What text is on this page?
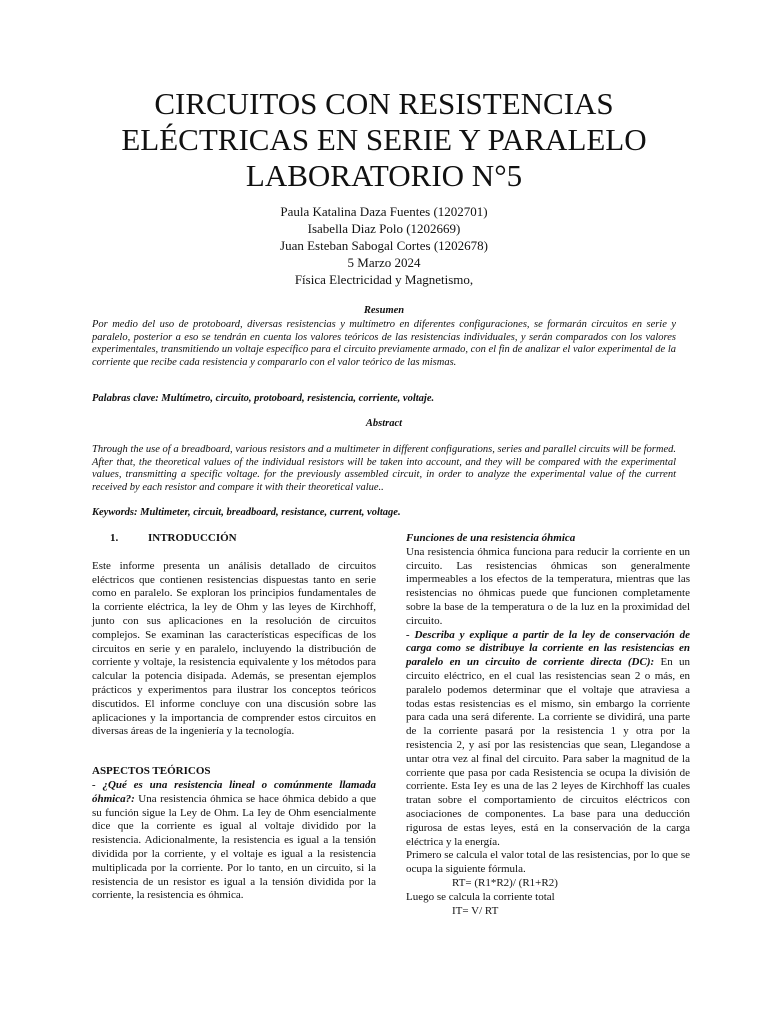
CIRCUITOS CON RESISTENCIAS
ELÉCTRICAS EN SERIE Y PARALELO
LABORATORIO N°5
Paula Katalina Daza Fuentes (1202701)
Isabella Diaz Polo (1202669)
Juan Esteban Sabogal Cortes (1202678)
5 Marzo 2024
Física Electricidad y Magnetismo,
Resumen
Por medio del uso de protoboard, diversas resistencias y multímetro en diferentes configuraciones, se formarán circuitos en serie y paralelo, posterior a eso se tendrán en cuenta los valores teóricos de las resistencias individuales, y serán comparados con los valores experimentales, transmitiendo un voltaje específico para el circuito previamente armado, con el fin de analizar el valor experimental de la corriente que recibe cada resistencia y compararlo con el valor teórico de las mismas.
Palabras clave: Multímetro, circuito, protoboard, resistencia, corriente, voltaje.
Abstract
Through the use of a breadboard, various resistors and a multimeter in different configurations, series and parallel circuits will be formed. After that, the theoretical values of the individual resistors will be taken into account, and they will be compared with the experimental values, transmitting a specific voltage. for the previously assembled circuit, in order to analyze the experimental value of the current received by each resistor and compare it with their theoretical value..
Keywords: Multimeter, circuit, breadboard, resistance, current, voltage.
1.	INTRODUCCIÓN

Este informe presenta un análisis detallado de circuitos eléctricos que contienen resistencias dispuestas tanto en serie como en paralelo. Se exploran los principios fundamentales de la corriente eléctrica, la ley de Ohm y las leyes de Kirchhoff, junto con sus aplicaciones en la resolución de circuitos complejos. Se examinan las características específicas de los circuitos en serie y en paralelo, incluyendo la distribución de corriente y voltaje, la resistencia equivalente y los métodos para calcular la potencia disipada. Además, se presentan ejemplos prácticos y experimentos para ilustrar los conceptos teóricos discutidos. El informe concluye con una discusión sobre las aplicaciones y la importancia de comprender estos circuitos en diversas áreas de la ingeniería y la tecnología.

ASPECTOS TEÓRICOS

- ¿Qué es una resistencia lineal o comúnmente llamada óhmica?: Una resistencia óhmica se hace óhmica debido a que su función sigue la Ley de Ohm. La Iey de Ohm esencialmente dice que la corriente es igual al voltaje dividido por la resistencia. Adicionalmente, la resistencia es igual a la tensión dividida por la corriente, y el voltaje es igual a la resistencia multiplicada por la corriente. Por lo tanto, en un circuito, si la resistencia de un resistor es igual a la tensión dividida por la corriente, la resistencia es óhmica.

Funciones de una resistencia óhmica

Una resistencia óhmica funciona para reducir la corriente en un circuito. Las resistencias óhmicas son generalmente impermeables a los efectos de la temperatura, mientras que las resistencias no óhmicas puede que funcionen completamente sobre la base de la temperatura o de la luz en la proximidad del circuito.

- Describa y explique a partir de la ley de conservación de carga como se distribuye la corriente en las resistencias en paralelo en un circuito de corriente directa (DC): En un circuito eléctrico, en el cual las resistencias sean 2 o más, en paralelo podemos determinar que el voltaje que atraviesa a todas estas resistencias es el mismo, sin embargo la corriente para cada una será diferente. La corriente se dividirá, una parte de la corriente pasará por la resistencia 1 y otra por la resistencia 2, y así por las resistencias que sean, Llegandose a untar otra vez al final del circuito. Para saber la magnitud de la corriente que pasa por cada Resistencia se ocupa la división de corriente. Esta Iey es una de las 2 leyes de Kirchhoff las cuales tratan sobre el comportamiento de circuitos eléctricos con asociaciones de componentes. La base para una deducción rigurosa de estas leyes, está en la conservación de la carga eléctrica y la energía.

Primero se calcula el valor total de las resistencias, por lo que se ocupa la siguiente fórmula.

RT= (R1*R2)/ (R1+R2)

Luego se calcula la corriente total

IT= V/ RT
